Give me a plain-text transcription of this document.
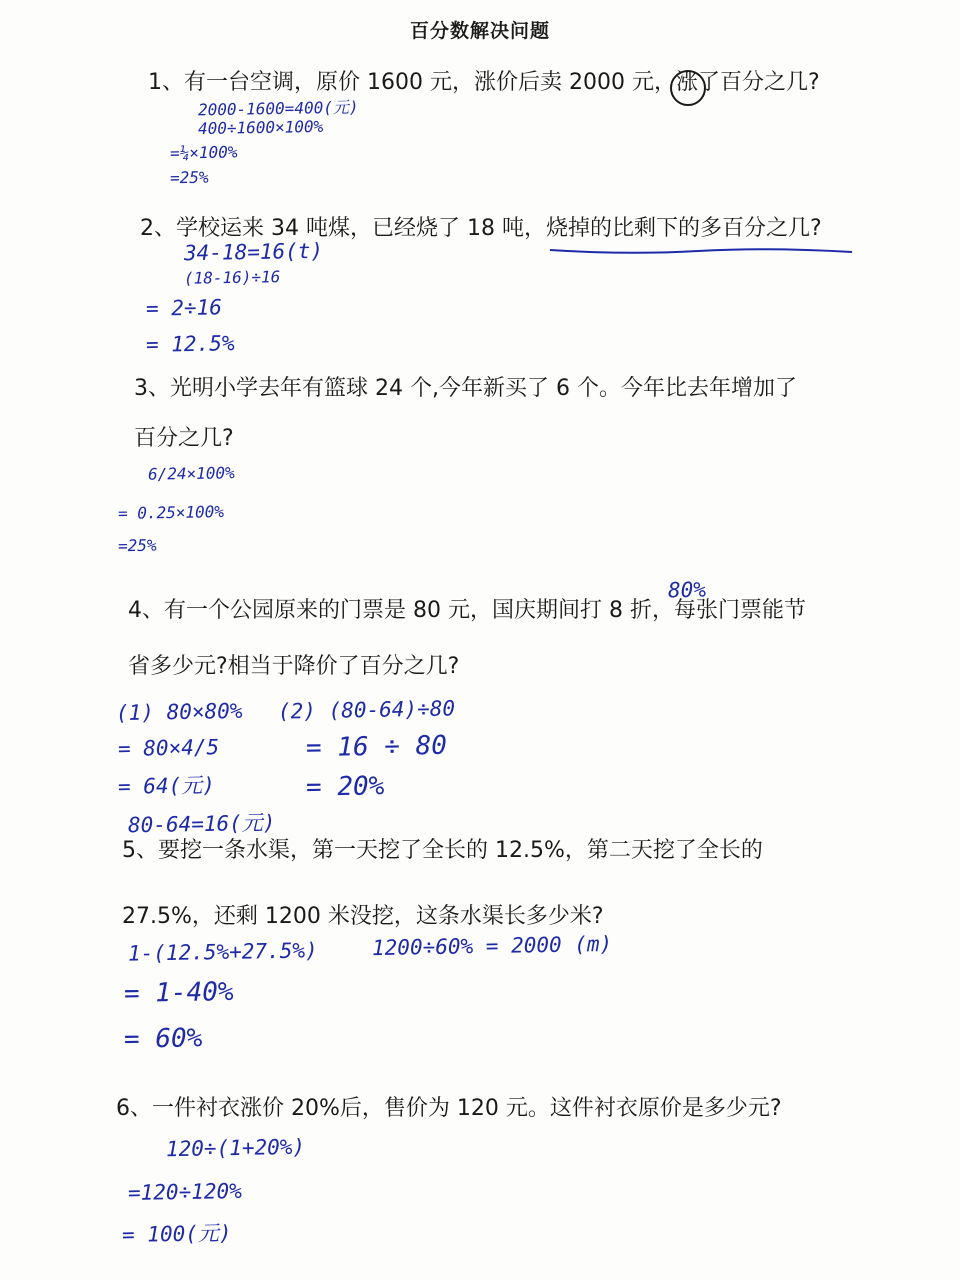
百分数解决问题
1、有一台空调，原价 1600 元，涨价后卖 2000 元，涨了百分之几?
2000-1600=400(元)
400÷1600×100%
=¼×100%
=25%
2、学校运来 34 吨煤，已经烧了 18 吨，烧掉的比剩下的多百分之几?
34-18=16(t)
(18-16)÷16
= 2÷16
= 12.5%
3、光明小学去年有篮球 24 个,今年新买了 6 个。今年比去年增加了
百分之几?
6/24×100%
= 0.25×100%
=25%
4、有一个公园原来的门票是 80 元，国庆期间打 8 折，每张门票能节
80%
省多少元?相当于降价了百分之几?
(1) 80×80%
= 80×4/5
= 64(元)
80-64=16(元)
(2) (80-64)÷80
= 16 ÷ 80
= 20%
5、要挖一条水渠，第一天挖了全长的 12.5%，第二天挖了全长的
27.5%，还剩 1200 米没挖，这条水渠长多少米?
1-(12.5%+27.5%)
= 1-40%
= 60%
1200÷60% = 2000 (m)
6、一件衬衣涨价 20%后，售价为 120 元。这件衬衣原价是多少元?
120÷(1+20%)
=120÷120%
= 100(元)
